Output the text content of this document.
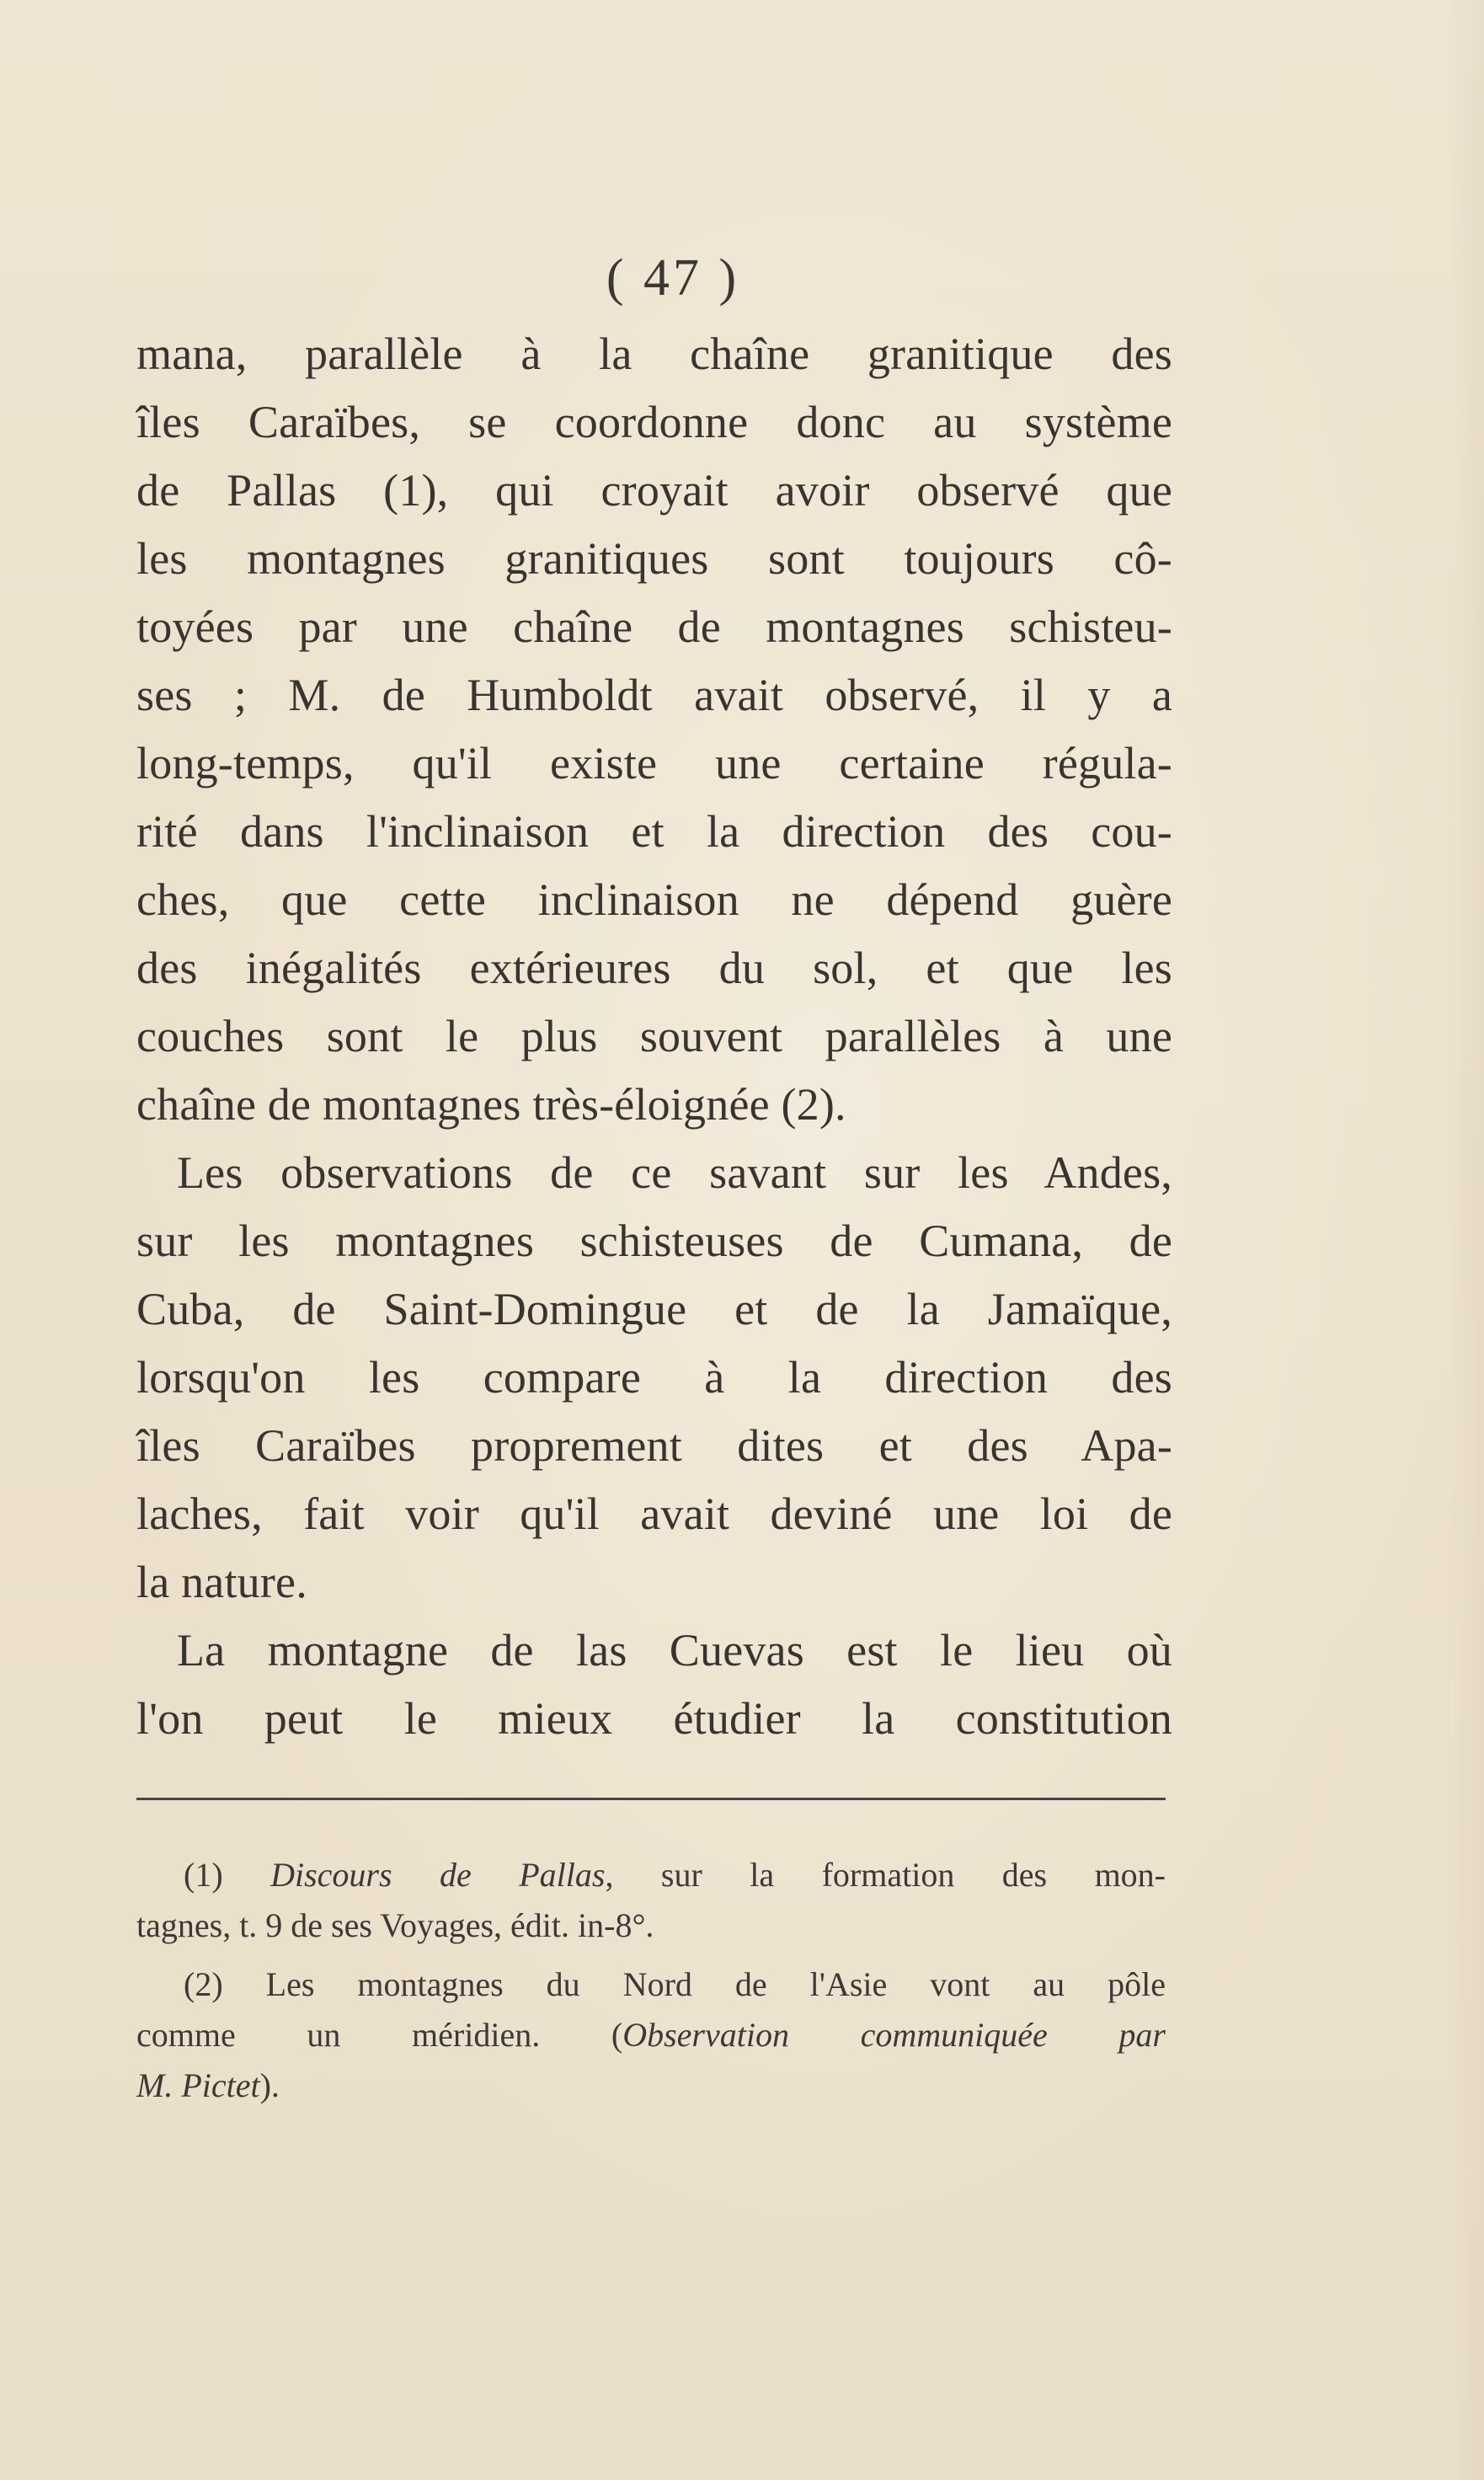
( 47 )
mana, parallèle à la chaîne granitique des
îles Caraïbes, se coordonne donc au système
de Pallas (1), qui croyait avoir observé que
les montagnes granitiques sont toujours cô-
toyées par une chaîne de montagnes schisteu-
ses ; M. de Humboldt avait observé, il y a
long-temps, qu'il existe une certaine régula-
rité dans l'inclinaison et la direction des cou-
ches, que cette inclinaison ne dépend guère
des inégalités extérieures du sol, et que les
couches sont le plus souvent parallèles à une
chaîne de montagnes très-éloignée (2).
Les observations de ce savant sur les Andes,
sur les montagnes schisteuses de Cumana, de
Cuba, de Saint-Domingue et de la Jamaïque,
lorsqu'on les compare à la direction des
îles Caraïbes proprement dites et des Apa-
laches, fait voir qu'il avait deviné une loi de
la nature.
La montagne de las Cuevas est le lieu où
l'on peut le mieux étudier la constitution
(1) Discours de Pallas, sur la formation des mon-
tagnes, t. 9 de ses Voyages, édit. in-8°.
(2) Les montagnes du Nord de l'Asie vont au pôle
comme un méridien. (Observation communiquée par
M. Pictet).
